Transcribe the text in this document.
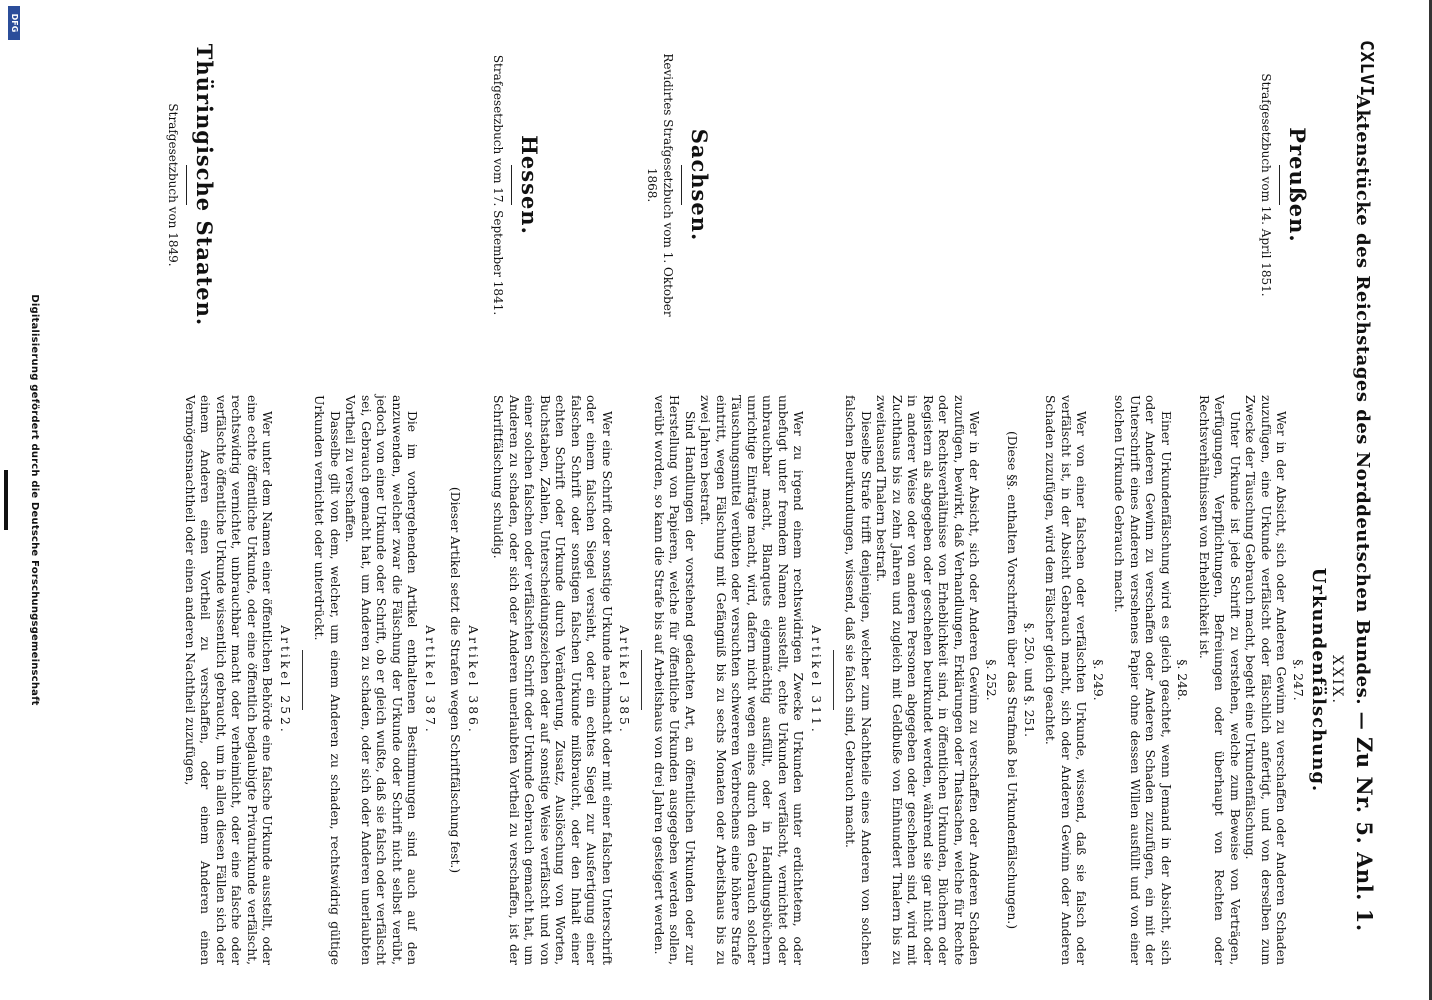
CXLVI
Aktenstücke des Reichstages des Norddeutschen Bundes. — Zu Nr. 5. Anl. 1.
Preußen.
Strafgesetzbuch vom 14. April 1851.
Sachsen.
Revidirtes Strafgesetzbuch vom 1. Oktober 1868.
Hessen.
Strafgesetzbuch vom 17. September 1841.
Thüringische Staaten.
Strafgesetzbuch von 1849.
XXIX.
Urkundenfälschung.
§. 247.

Wer in der Absicht, sich oder Anderen Gewinn zu verschaffen oder Anderen Schaden zuzufügen, eine Urkunde verfälscht oder fälschlich anfertigt, und von derselben zum Zwecke der Täuschung Gebrauch macht, begeht eine Urkundenfälschung.

Unter Urkunde ist jede Schrift zu verstehen, welche zum Beweise von Verträgen, Verfügungen, Verpflichtungen, Befreiungen oder überhaupt von Rechten oder Rechtsverhältnissen von Erheblichkeit ist.

§. 248.

Einer Urkundenfälschung wird es gleich geachtet, wenn Jemand in der Absicht, sich oder Anderen Gewinn zu verschaffen oder Anderen Schaden zuzufügen, ein mit der Unterschrift eines Anderen versehenes Papier ohne dessen Willen ausfüllt und von einer solchen Urkunde Gebrauch macht.

§. 249.

Wer von einer falschen oder verfälschten Urkunde, wissend, daß sie falsch oder verfälscht ist, in der Absicht Gebrauch macht, sich oder Anderen Gewinn oder Anderen Schaden zuzufügen, wird dem Fälscher gleich geachtet.

§. 250. und §. 251.

(Diese §§. enthalten Vorschriften über das Strafmaß bei Urkundenfälschungen.)

§. 252.

Wer in der Absicht, sich oder Anderen Gewinn zu verschaffen oder Anderen Schaden zuzufügen, bewirkt, daß Verhandlungen, Erklärungen oder Thatsachen, welche für Rechte oder Rechtsverhältnisse von Erheblichkeit sind, in öffentlichen Urkunden, Büchern oder Registern als abgegeben oder geschehen beurkundet werden, während sie gar nicht oder in anderer Weise oder von anderen Personen abgegeben oder geschehen sind, wird mit Zuchthaus bis zu zehn Jahren und zugleich mit Geldbuße von Einhundert Thalern bis zu zweitausend Thalern bestraft.

Dieselbe Strafe trifft denjenigen, welcher zum Nachtheile eines Anderen von solchen falschen Beurkundungen, wissend, daß sie falsch sind, Gebrauch macht.

Artikel 311.

Wer zu irgend einem rechtswidrigen Zwecke Urkunden unter erdichtetem, oder unbefugt unter fremdem Namen ausstellt, echte Urkunden verfälscht, vernichtet oder unbrauchbar macht, Blanquets eigenmächtig ausfüllt, oder in Handlungsbüchern unrichtige Einträge macht, wird, dafern nicht wegen eines durch den Gebrauch solcher Täuschungsmittel verübten oder versuchten schwereren Verbrechens eine höhere Strafe eintritt, wegen Fälschung mit Gefängniß bis zu sechs Monaten oder Arbeitshaus bis zu zwei Jahren bestraft.

Sind Handlungen der vorstehend gedachten Art, an öffentlichen Urkunden oder zur Herstellung von Papieren, welche für öffentliche Urkunden ausgegeben werden sollen, verübt worden, so kann die Strafe bis auf Arbeitshaus von drei Jahren gesteigert werden.

Artikel 385.

Wer eine Schrift oder sonstige Urkunde nachmacht oder mit einer falschen Unterschrift oder einem falschen Siegel versieht, oder ein echtes Siegel zur Ausfertigung einer falschen Schrift oder sonstigen falschen Urkunde mißbraucht, oder den Inhalt einer echten Schrift oder Urkunde durch Veränderung, Zusatz, Auslöschung von Worten, Buchstaben, Zahlen, Unterscheidungszeichen oder auf sonstige Weise verfälscht und von einer solchen falschen oder verfälschten Schrift oder Urkunde Gebrauch gemacht hat, um Anderen zu schaden, oder sich oder Anderen unerlaubten Vortheil zu verschaffen, ist der Schriftfälschung schuldig.

Artikel 386.

(Dieser Artikel setzt die Strafen wegen Schriftfälschung fest.)

Artikel 387.

Die im vorhergehenden Artikel enthaltenen Bestimmungen sind auch auf den anzuwenden, welcher zwar die Fälschung der Urkunde oder Schrift nicht selbst verübt, jedoch von einer Urkunde oder Schrift, ob er gleich wußte, daß sie falsch oder verfälscht sei, Gebrauch gemacht hat, um Anderen zu schaden, oder sich oder Anderen unerlaubten Vortheil zu verschaffen.

Dasselbe gilt von dem, welcher, um einem Anderen zu schaden, rechtswidrig gültige Urkunden vernichtet oder unterdrückt.

Artikel 252.

Wer unter dem Namen einer öffentlichen Behörde eine falsche Urkunde ausstellt, oder eine echte öffentliche Urkunde, oder eine öffentlich beglaubigte Privaturkunde verfälscht, rechtswidrig vernichtet, unbrauchbar macht oder verheimlicht, oder eine falsche oder verfälschte öffentliche Urkunde wissentlich gebraucht, um in allen diesen Fällen sich oder einem Anderen einen Vortheil zu verschaffen, oder einem Anderen einen Vermögensnachtheil oder einen anderen Nachtheil zuzufügen,

Digitalisierung gefördert durch die Deutsche Forschungsgemeinschaft
DFG
